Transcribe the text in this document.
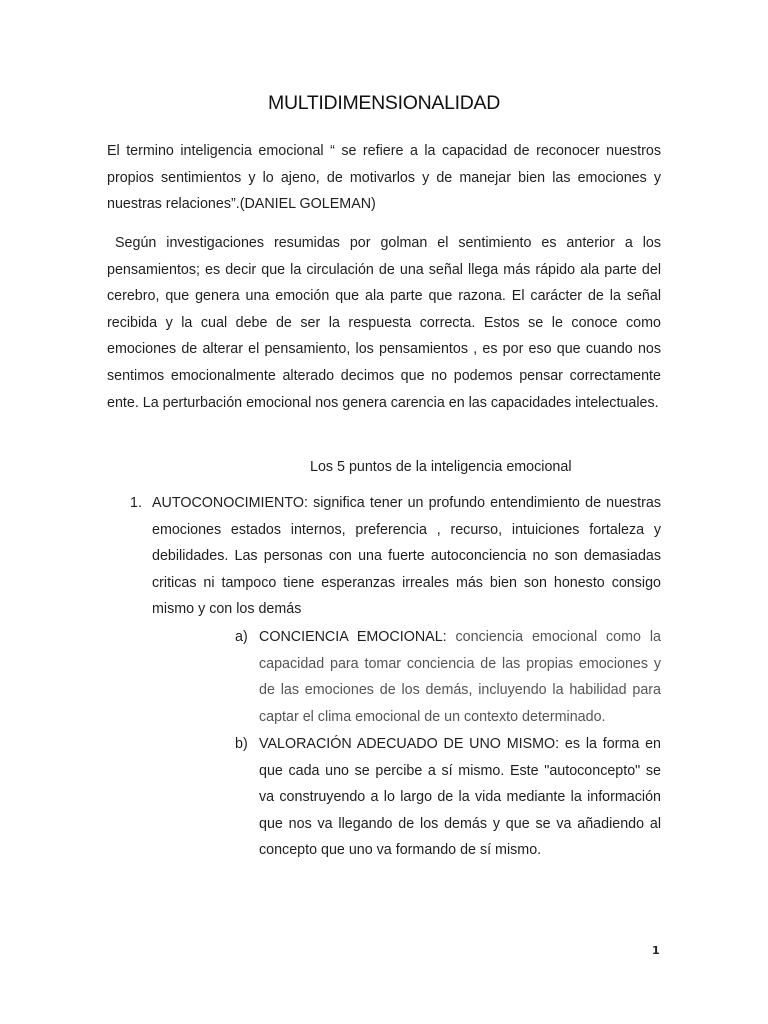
MULTIDIMENSIONALIDAD

El termino inteligencia emocional “ se refiere a la capacidad de reconocer nuestros propios sentimientos y lo ajeno, de motivarlos y de manejar bien las emociones y nuestras relaciones”.(DANIEL GOLEMAN)

Según investigaciones resumidas por golman el sentimiento es anterior a los pensamientos; es decir que la circulación de una señal llega más rápido ala parte del cerebro, que genera una emoción que ala parte que razona. El carácter de la señal recibida y la cual debe de ser la respuesta correcta. Estos se le conoce como emociones de alterar el pensamiento, los pensamientos , es por eso que cuando nos sentimos emocionalmente alterado decimos que no podemos pensar correctamente ente. La perturbación emocional nos genera carencia en las capacidades intelectuales.

Los 5 puntos de la inteligencia emocional

1. AUTOCONOCIMIENTO: significa tener un profundo entendimiento de nuestras emociones estados internos, preferencia , recurso, intuiciones fortaleza y debilidades. Las personas con una fuerte autoconciencia no son demasiadas criticas ni tampoco tiene esperanzas irreales más bien son honesto consigo mismo y con los demás

a) CONCIENCIA EMOCIONAL: conciencia emocional como la capacidad para tomar conciencia de las propias emociones y de las emociones de los demás, incluyendo la habilidad para captar el clima emocional de un contexto determinado.

b) VALORACIÓN ADECUADO DE UNO MISMO: es la forma en que cada uno se percibe a sí mismo. Este "autoconcepto" se va construyendo a lo largo de la vida mediante la información que nos va llegando de los demás y que se va añadiendo al concepto que uno va formando de sí mismo.

1
